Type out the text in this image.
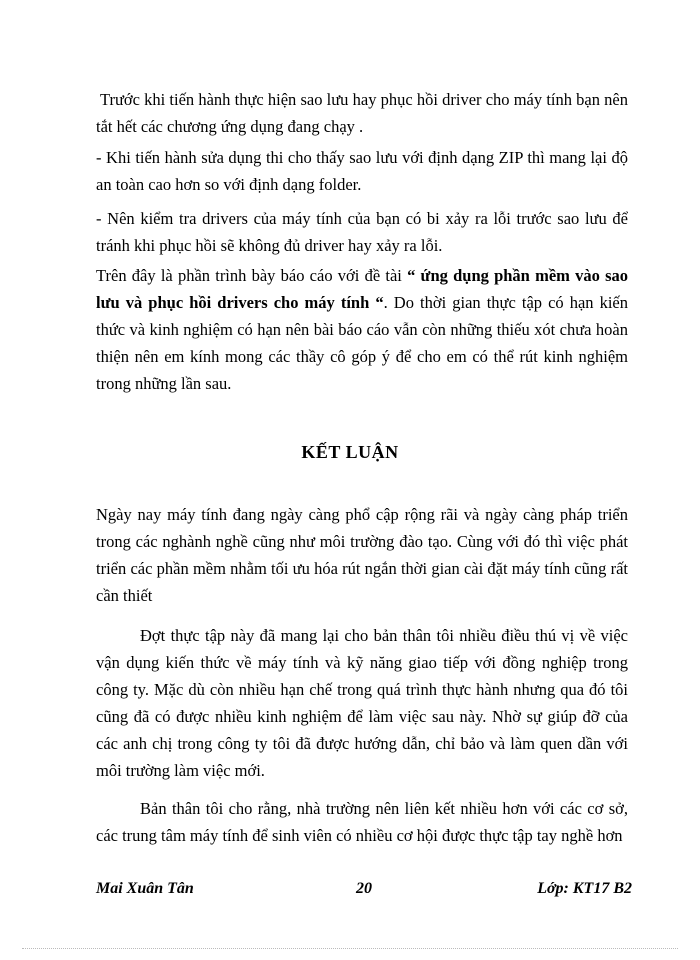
Trước khi tiến hành thực hiện sao lưu hay phục hồi driver cho máy tính bạn nên tắt hết các chương ứng dụng đang chạy .

- Khi tiến hành sửa dụng thi cho thấy sao lưu với định dạng ZIP thì mang lại độ an toàn cao hơn so với định dạng folder.

- Nên kiểm tra drivers của máy tính của bạn có bi xảy ra lỗi trước sao lưu để tránh khi phục hồi sẽ không đủ driver hay xảy ra lỗi.

Trên đây là phần trình bày báo cáo với đề tài “ ứng dụng phần mềm vào sao lưu và phục hồi drivers cho máy tính “. Do thời gian thực tập có hạn kiến thức và kinh nghiệm có hạn nên bài báo cáo vẫn còn những thiếu xót chưa hoàn thiện nên em kính mong các thầy cô góp ý để cho em có thể rút kinh nghiệm trong những lần sau.

KẾT LUẬN

Ngày nay máy tính đang ngày càng phổ cập rộng rãi và ngày càng pháp triển trong các nghành nghề cũng như môi trường đào tạo. Cùng với đó thì việc phát triển các phần mềm nhằm tối ưu hóa rút ngắn thời gian cài đặt máy tính cũng rất cần thiết

Đợt thực tập này đã mang lại cho bản thân tôi nhiều điều thú vị về việc vận dụng kiến thức về máy tính và kỹ năng giao tiếp với đồng nghiệp trong công ty. Mặc dù còn nhiều hạn chế trong quá trình thực hành nhưng qua đó tôi cũng đã có được nhiều kinh nghiệm để làm việc sau này. Nhờ sự giúp đỡ của các anh chị trong công ty tôi đã được hướng dẫn, chỉ bảo và làm quen dần với môi trường làm việc mới.

Bản thân tôi cho rằng, nhà trường nên liên kết nhiều hơn với các cơ sở, các trung tâm máy tính để sinh viên có nhiều cơ hội được thực tập tay nghề hơn

Mai Xuân Tân	20	Lớp: KT17 B2
